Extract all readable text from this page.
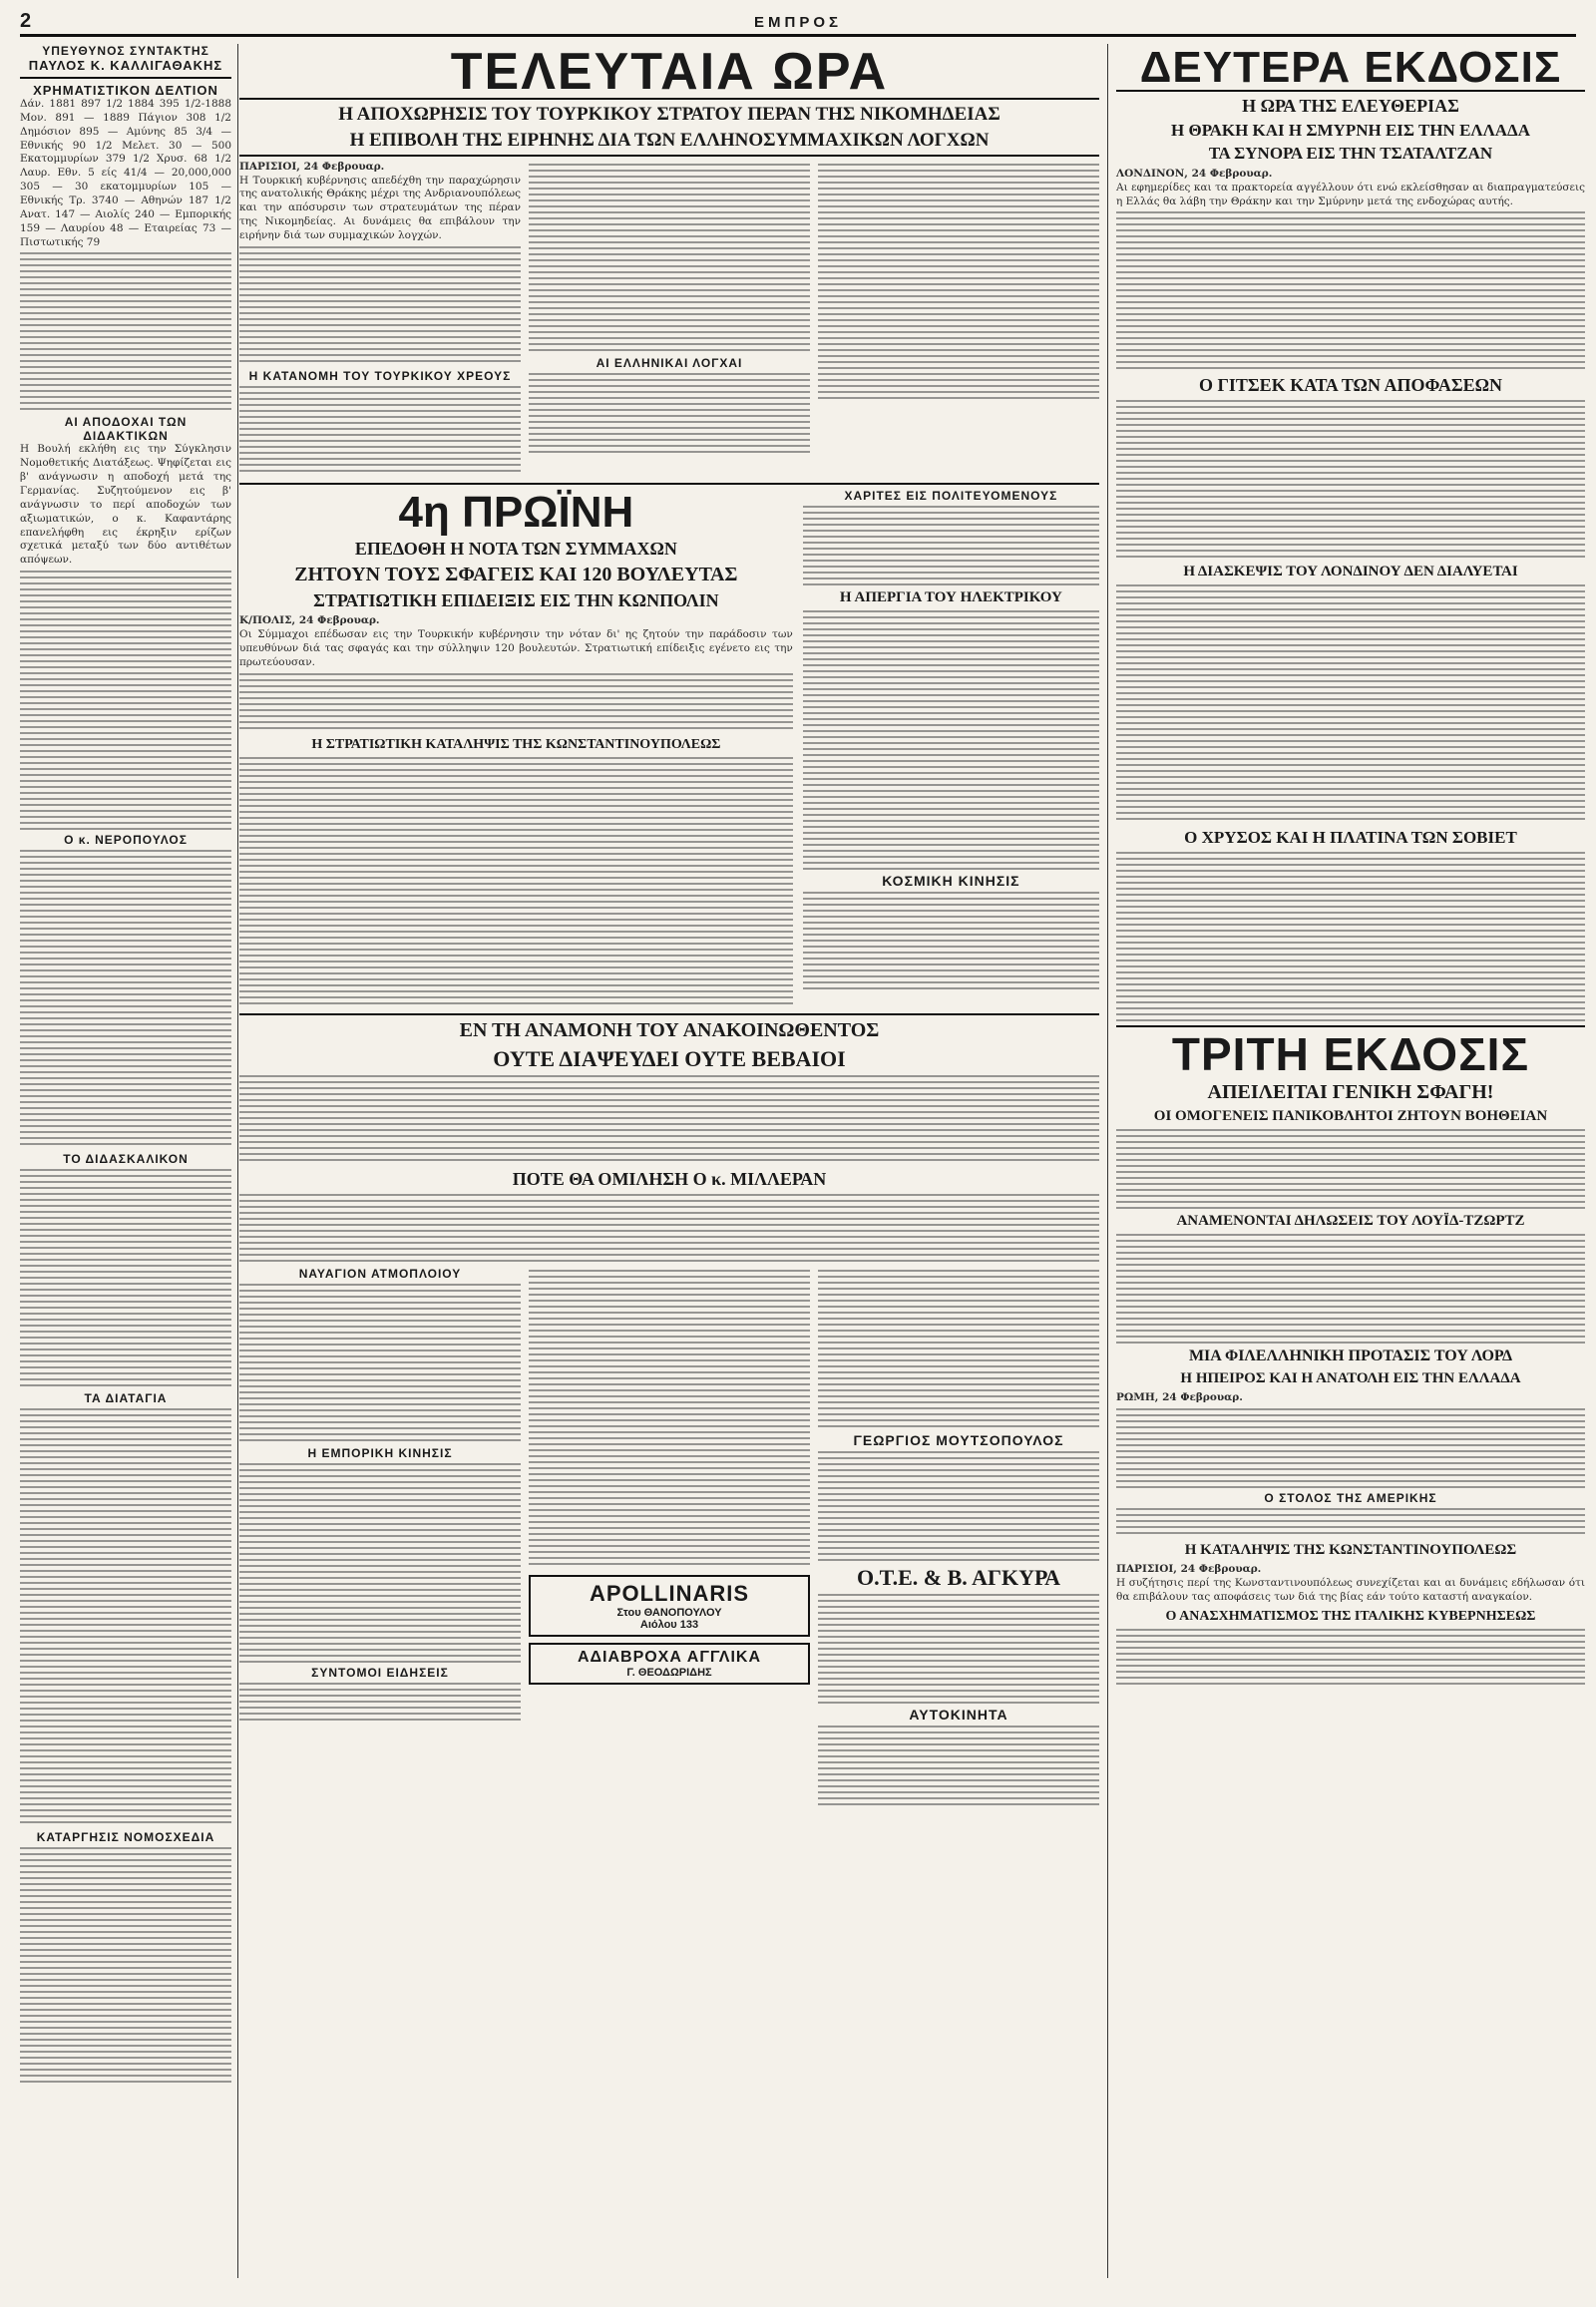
2	ΕΜΠΡΟΣ
ΥΠΕΥΘΥΝΟΣ ΣΥΝΤΑΚΤΗΣ
ΠΑΥΛΟΣ Κ. ΚΑΛΛΙΓΑΘΑΚΗΣ
ΧΡΗΜΑΤΙΣΤΙΚΟΝ ΔΕΛΤΙΟΝ
Δάν. 1881 897 1/2 1884 395 1/2-1888 Μον. 891 — 1889 Πάγιον 308 1/2 Δημόσιον 895 — Αμύνης 85 3/4 — Εθνικής 90 1/2 Μελετ. 30 — 500 Εκατομμυρίων 379 1/2 Χρυσ. 68 1/2 Λαυρ. Εθν. 5 είς 41/4 — 20,000,000 305 — 30 εκατομμυρίων 105 — Εθνικής Τρ. 3740 — Αθηνών 187 1/2 Ανατ. 147 — Αιολίς 240 — Εμπορικής 159 — Λαυρίου 48 — Εταιρείας 73 — Πιστωτικής 79
ΑΙ ΑΠΟΔΟΧΑΙ ΤΩΝ ΔΙΔΑΚΤΙΚΩΝ
Η Βουλή εκλήθη εις την Σύγκλησιν Νομοθετικής Διατάξεως. Ψηφίζεται εις β' ανάγνωσιν η αποδοχή μετά της Γερμανίας. Συζητούμενον εις β' ανάγνωσιν το περί αποδοχών των αξιωματικών, ο κ. Καφαντάρης επανελήφθη εις έκρηξιν ερίζων σχετικά μεταξύ των δύο αντιθέτων απόψεων.
Ο κ. ΝΕΡΟΠΟΥΛΟΣ
ΤΟ ΔΙΔΑΣΚΑΛΙΚΟΝ
ΤΑ ΔΙΑΤΑΓΙΑ
ΚΑΤΑΡΓΗΣΙΣ ΝΟΜΟΣΧΕΔΙΑ
ΤΕΛΕΥΤΑΙΑ ΩΡΑ
Η ΑΠΟΧΩΡΗΣΙΣ ΤΟΥ ΤΟΥΡΚΙΚΟΥ ΣΤΡΑΤΟΥ ΠΕΡΑΝ ΤΗΣ ΝΙΚΟΜΗΔΕΙΑΣ
Η ΕΠΙΒΟΛΗ ΤΗΣ ΕΙΡΗΝΗΣ ΔΙΑ ΤΩΝ ΕΛΛΗΝΟΣΥΜΜΑΧΙΚΩΝ ΛΟΓΧΩΝ
ΠΑΡΙΣΙΟΙ, 24 Φεβρουαρ.
Η Τουρκική κυβέρνησις απεδέχθη την παραχώρησιν της ανατολικής Θράκης μέχρι της Ανδριανουπόλεως και την απόσυρσιν των στρατευμάτων της πέραν της Νικομηδείας. Αι δυνάμεις θα επιβάλουν την ειρήνην διά των συμμαχικών λογχών.
Η ΚΑΤΑΝΟΜΗ ΤΟΥ ΤΟΥΡΚΙΚΟΥ ΧΡΕΟΥΣ
ΑΙ ΕΛΛΗΝΙΚΑΙ ΛΟΓΧΑΙ
4η ΠΡΩΪΝΗ
ΕΠΕΔΟΘΗ Η ΝΟΤΑ ΤΩΝ ΣΥΜΜΑΧΩΝ
ΖΗΤΟΥΝ ΤΟΥΣ ΣΦΑΓΕΙΣ ΚΑΙ 120 ΒΟΥΛΕΥΤΑΣ
ΣΤΡΑΤΙΩΤΙΚΗ ΕΠΙΔΕΙΞΙΣ ΕΙΣ ΤΗΝ ΚΩΝΠΟΛΙΝ
Κ/ΠΟΛΙΣ, 24 Φεβρουαρ.
Οι Σύμμαχοι επέδωσαν εις την Τουρκικήν κυβέρνησιν την νόταν δι' ης ζητούν την παράδοσιν των υπευθύνων διά τας σφαγάς και την σύλληψιν 120 βουλευτών. Στρατιωτική επίδειξις εγένετο εις την πρωτεύουσαν.
Η ΣΤΡΑΤΙΩΤΙΚΗ ΚΑΤΑΛΗΨΙΣ ΤΗΣ ΚΩΝΣΤΑΝΤΙΝΟΥΠΟΛΕΩΣ
ΧΑΡΙΤΕΣ ΕΙΣ ΠΟΛΙΤΕΥΟΜΕΝΟΥΣ
Η ΑΠΕΡΓΙΑ ΤΟΥ ΗΛΕΚΤΡΙΚΟΥ
ΚΟΣΜΙΚΗ ΚΙΝΗΣΙΣ
ΕΝ ΤΗ ΑΝΑΜΟΝΗ ΤΟΥ ΑΝΑΚΟΙΝΩΘΕΝΤΟΣ
ΟΥΤΕ ΔΙΑΨΕΥΔΕΙ ΟΥΤΕ ΒΕΒΑΙΟΙ
ΠΟΤΕ ΘΑ ΟΜΙΛΗΣΗ Ο κ. ΜΙΛΛΕΡΑΝ
ΝΑΥΑΓΙΟΝ ΑΤΜΟΠΛΟΙΟΥ
Η ΕΜΠΟΡΙΚΗ ΚΙΝΗΣΙΣ
ΣΥΝΤΟΜΟΙ ΕΙΔΗΣΕΙΣ
APOLLINARIS
Στου ΘΑΝΟΠΟΥΛΟΥ
Αιόλου 133
ΑΔΙΑΒΡΟΧΑ ΑΓΓΛΙΚΑ
Γ. ΘΕΟΔΩΡΙΔΗΣ
ΓΕΩΡΓΙΟΣ ΜΟΥΤΣΟΠΟΥΛΟΣ
Ο.Τ.Ε. & Β. ΑΓΚΥΡΑ
ΑΥΤΟΚΙΝΗΤΑ
ΔΕΥΤΕΡΑ ΕΚΔΟΣΙΣ
Η ΩΡΑ ΤΗΣ ΕΛΕΥΘΕΡΙΑΣ
Η ΘΡΑΚΗ ΚΑΙ Η ΣΜΥΡΝΗ ΕΙΣ ΤΗΝ ΕΛΛΑΔΑ
ΤΑ ΣΥΝΟΡΑ ΕΙΣ ΤΗΝ ΤΣΑΤΑΛΤΖΑΝ
ΛΟΝΔΙΝΟΝ, 24 Φεβρουαρ.
Αι εφημερίδες και τα πρακτορεία αγγέλλουν ότι ενώ εκλείσθησαν αι διαπραγματεύσεις η Ελλάς θα λάβη την Θράκην και την Σμύρνην μετά της ενδοχώρας αυτής.
Ο ΓΙΤΣΕΚ ΚΑΤΑ ΤΩΝ ΑΠΟΦΑΣΕΩΝ
Η ΔΙΑΣΚΕΨΙΣ ΤΟΥ ΛΟΝΔΙΝΟΥ ΔΕΝ ΔΙΑΛΥΕΤΑΙ
Ο ΧΡΥΣΟΣ ΚΑΙ Η ΠΛΑΤΙΝΑ ΤΩΝ ΣΟΒΙΕΤ
ΤΡΙΤΗ ΕΚΔΟΣΙΣ
ΑΠΕΙΛΕΙΤΑΙ ΓΕΝΙΚΗ ΣΦΑΓΗ!
ΟΙ ΟΜΟΓΕΝΕΙΣ ΠΑΝΙΚΟΒΛΗΤΟΙ ΖΗΤΟΥΝ ΒΟΗΘΕΙΑΝ
ΑΝΑΜΕΝΟΝΤΑΙ ΔΗΛΩΣΕΙΣ ΤΟΥ ΛΟΥΪΔ-ΤΖΩΡΤΖ
ΜΙΑ ΦΙΛΕΛΛΗΝΙΚΗ ΠΡΟΤΑΣΙΣ ΤΟΥ ΛΟΡΔ
Η ΗΠΕΙΡΟΣ ΚΑΙ Η ΑΝΑΤΟΛΗ ΕΙΣ ΤΗΝ ΕΛΛΑΔΑ
ΡΩΜΗ, 24 Φεβρουαρ.
Ο ΣΤΟΛΟΣ ΤΗΣ ΑΜΕΡΙΚΗΣ
Η ΚΑΤΑΛΗΨΙΣ ΤΗΣ ΚΩΝΣΤΑΝΤΙΝΟΥΠΟΛΕΩΣ
ΠΑΡΙΣΙΟΙ, 24 Φεβρουαρ.
Η συζήτησις περί της Κωνσταντινουπόλεως συνεχίζεται και αι δυνάμεις εδήλωσαν ότι θα επιβάλουν τας αποφάσεις των διά της βίας εάν τούτο καταστή αναγκαίον.
Ο ΑΝΑΣΧΗΜΑΤΙΣΜΟΣ ΤΗΣ ΙΤΑΛΙΚΗΣ ΚΥΒΕΡΝΗΣΕΩΣ
